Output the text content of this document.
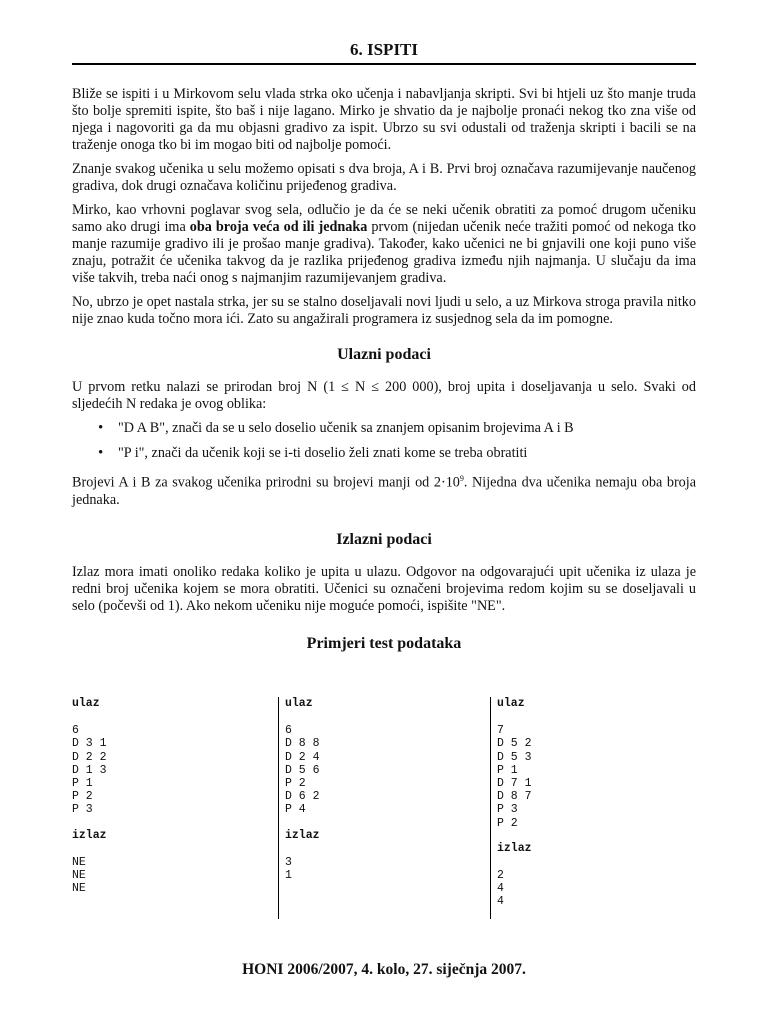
6. ISPITI

Bliže se ispiti i u Mirkovom selu vlada strka oko učenja i nabavljanja skripti. Svi bi htjeli uz što manje truda što bolje spremiti ispite, što baš i nije lagano. Mirko je shvatio da je najbolje pronaći nekog tko zna više od njega i nagovoriti ga da mu objasni gradivo za ispit. Ubrzo su svi odustali od traženja skripti i bacili se na traženje onoga tko bi im mogao biti od najbolje pomoći.

Znanje svakog učenika u selu možemo opisati s dva broja, A i B. Prvi broj označava razumijevanje naučenog gradiva, dok drugi označava količinu prijeđenog gradiva.

Mirko, kao vrhovni poglavar svog sela, odlučio je da će se neki učenik obratiti za pomoć drugom učeniku samo ako drugi ima oba broja veća od ili jednaka prvom (nijedan učenik neće tražiti pomoć od nekoga tko manje razumije gradivo ili je prošao manje gradiva). Također, kako učenici ne bi gnjavili one koji puno više znaju, potražit će učenika takvog da je razlika prijeđenog gradiva između njih najmanja. U slučaju da ima više takvih, treba naći onog s najmanjim razumijevanjem gradiva.

No, ubrzo je opet nastala strka, jer su se stalno doseljavali novi ljudi u selo, a uz Mirkova stroga pravila nitko nije znao kuda točno mora ići. Zato su angažirali programera iz susjednog sela da im pomogne.

Ulazni podaci

U prvom retku nalazi se prirodan broj N (1 ≤ N ≤ 200 000), broj upita i doseljavanja u selo. Svaki od sljedećih N redaka je ovog oblika:

• "D A B", znači da se u selo doselio učenik sa znanjem opisanim brojevima A i B
• "P i", znači da učenik koji se i-ti doselio želi znati kome se treba obratiti

Brojevi A i B za svakog učenika prirodni su brojevi manji od $2\cdot 10^9$. Nijedna dva učenika nemaju oba broja jednaka.

Izlazni podaci

Izlaz mora imati onoliko redaka koliko je upita u ulazu. Odgovor na odgovarajući upit učenika iz ulaza je redni broj učenika kojem se mora obratiti. Učenici su označeni brojevima redom kojim su se doseljavali u selo (počevši od 1). Ako nekom učeniku nije moguće pomoći, ispišite "NE".

Primjeri test podataka
ulaz
6
D 3 1
D 2 2
D 1 3
P 1
P 2
P 3
izlaz
NE
NE
NE
ulaz
6
D 8 8
D 2 4
D 5 6
P 2
D 6 2
P 4
izlaz
3
1
ulaz
7
D 5 2
D 5 3
P 1
D 7 1
D 8 7
P 3
P 2
izlaz
2
4
4
HONI 2006/2007, 4. kolo, 27. siječnja 2007.
